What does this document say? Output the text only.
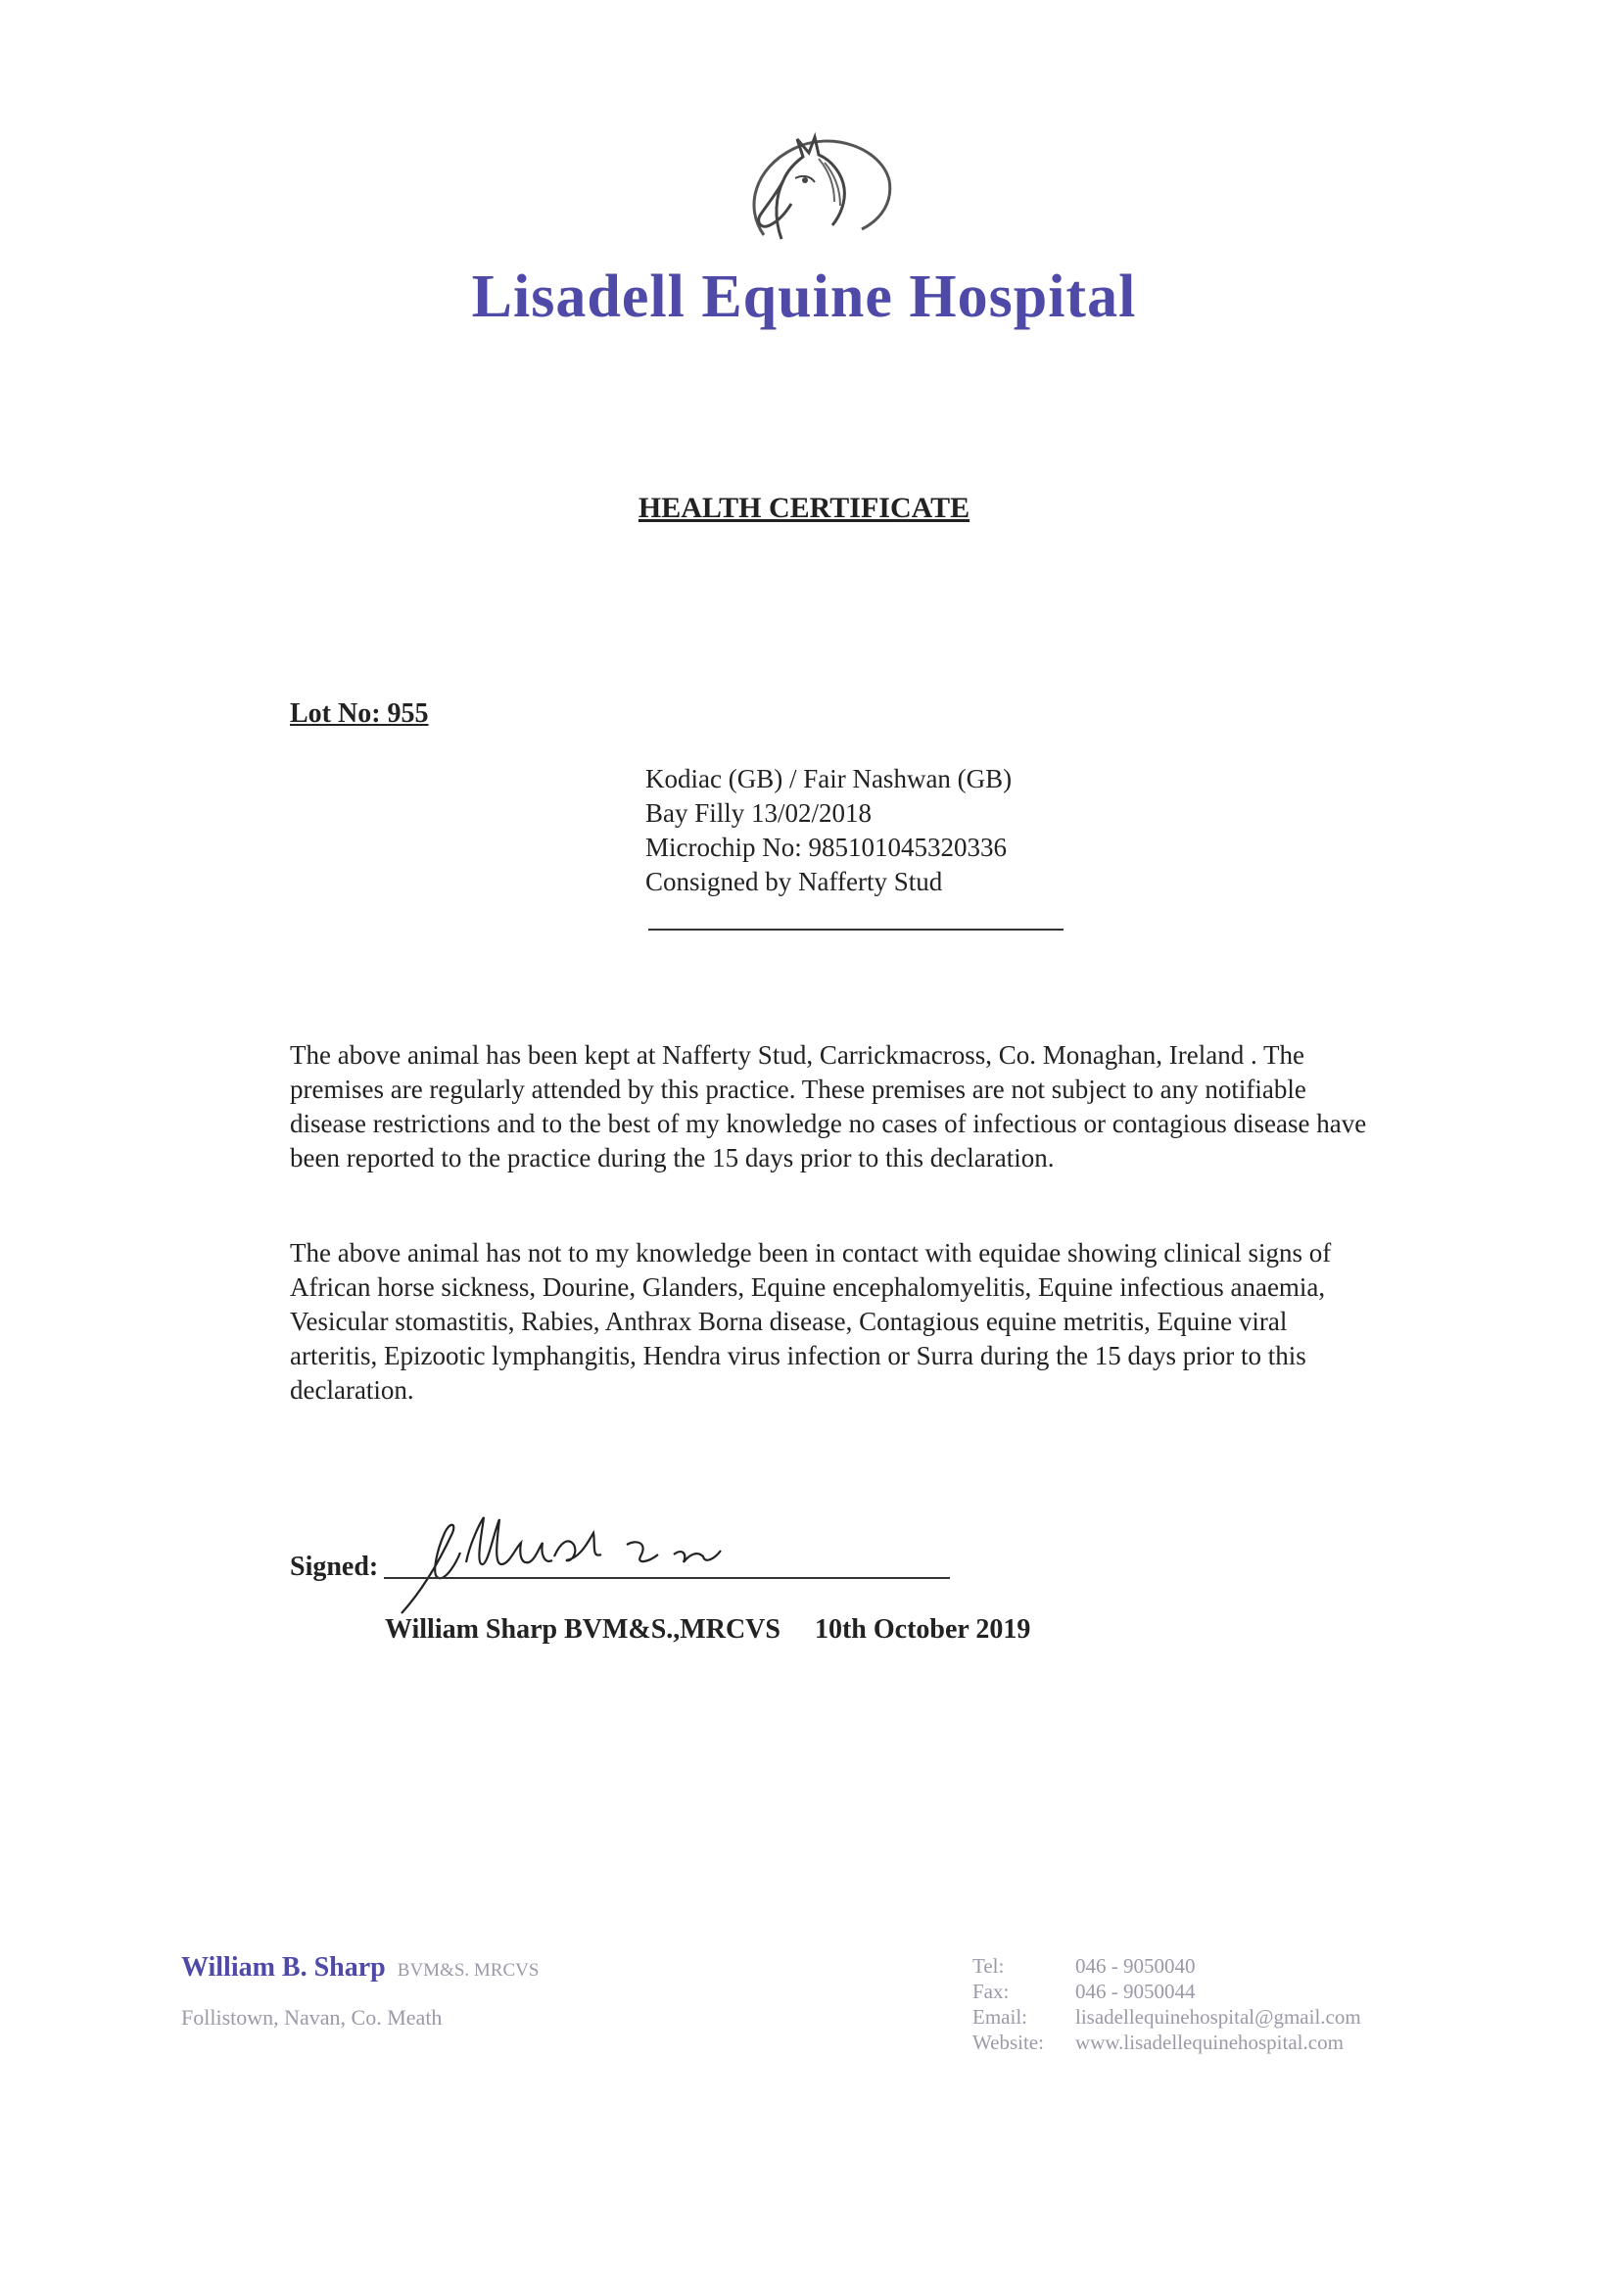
Lisadell Equine Hospital
HEALTH CERTIFICATE
Lot No: 955
Kodiac (GB) / Fair Nashwan (GB)
Bay Filly 13/02/2018
Microchip No: 985101045320336
Consigned by Nafferty Stud
The above animal has been kept at Nafferty Stud, Carrickmacross, Co. Monaghan, Ireland . The premises are regularly attended by this practice. These premises are not subject to any notifiable disease restrictions and to the best of my knowledge no cases of infectious or contagious disease have been reported to the practice during the 15 days prior to this declaration.
The above animal has not to my knowledge been in contact with equidae showing clinical signs of African horse sickness, Dourine, Glanders, Equine encephalomyelitis, Equine infectious anaemia, Vesicular stomastitis, Rabies, Anthrax Borna disease, Contagious equine metritis, Equine viral arteritis, Epizootic lymphangitis, Hendra virus infection or Surra during the 15 days prior to this declaration.
Signed:
William Sharp BVM&S.,MRCVS 10th October 2019
William B. Sharp BVM&S. MRCVS
Follistown, Navan, Co. Meath
Tel:	046 - 9050040
Fax:	046 - 9050044
Email:	lisadellequinehospital@gmail.com
Website:	www.lisadellequinehospital.com
